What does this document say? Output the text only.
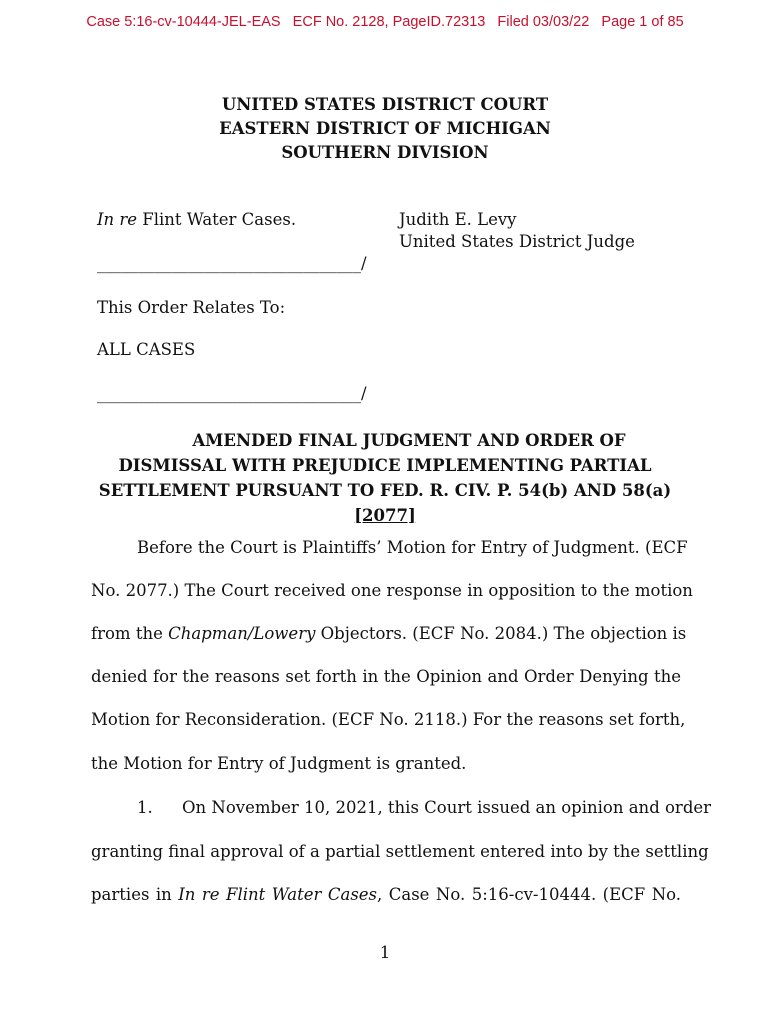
Case 5:16-cv-10444-JEL-EAS   ECF No. 2128, PageID.72313   Filed 03/03/22   Page 1 of 85
UNITED STATES DISTRICT COURT
EASTERN DISTRICT OF MICHIGAN
SOUTHERN DIVISION
In re Flint Water Cases.	Judith E. Levy
United States District Judge
________________________________/
This Order Relates To:
ALL CASES
________________________________/
AMENDED FINAL JUDGMENT AND ORDER OF
DISMISSAL WITH PREJUDICE IMPLEMENTING PARTIAL
SETTLEMENT PURSUANT TO FED. R. CIV. P. 54(b) AND 58(a)
[2077]
Before the Court is Plaintiffs’ Motion for Entry of Judgment. (ECF
No. 2077.) The Court received one response in opposition to the motion
from the Chapman/Lowery Objectors. (ECF No. 2084.) The objection is
denied for the reasons set forth in the Opinion and Order Denying the
Motion for Reconsideration. (ECF No. 2118.) For the reasons set forth,
the Motion for Entry of Judgment is granted.
1. On November 10, 2021, this Court issued an opinion and order
granting final approval of a partial settlement entered into by the settling
parties in In re Flint Water Cases, Case No. 5:16-cv-10444. (ECF No.
1
